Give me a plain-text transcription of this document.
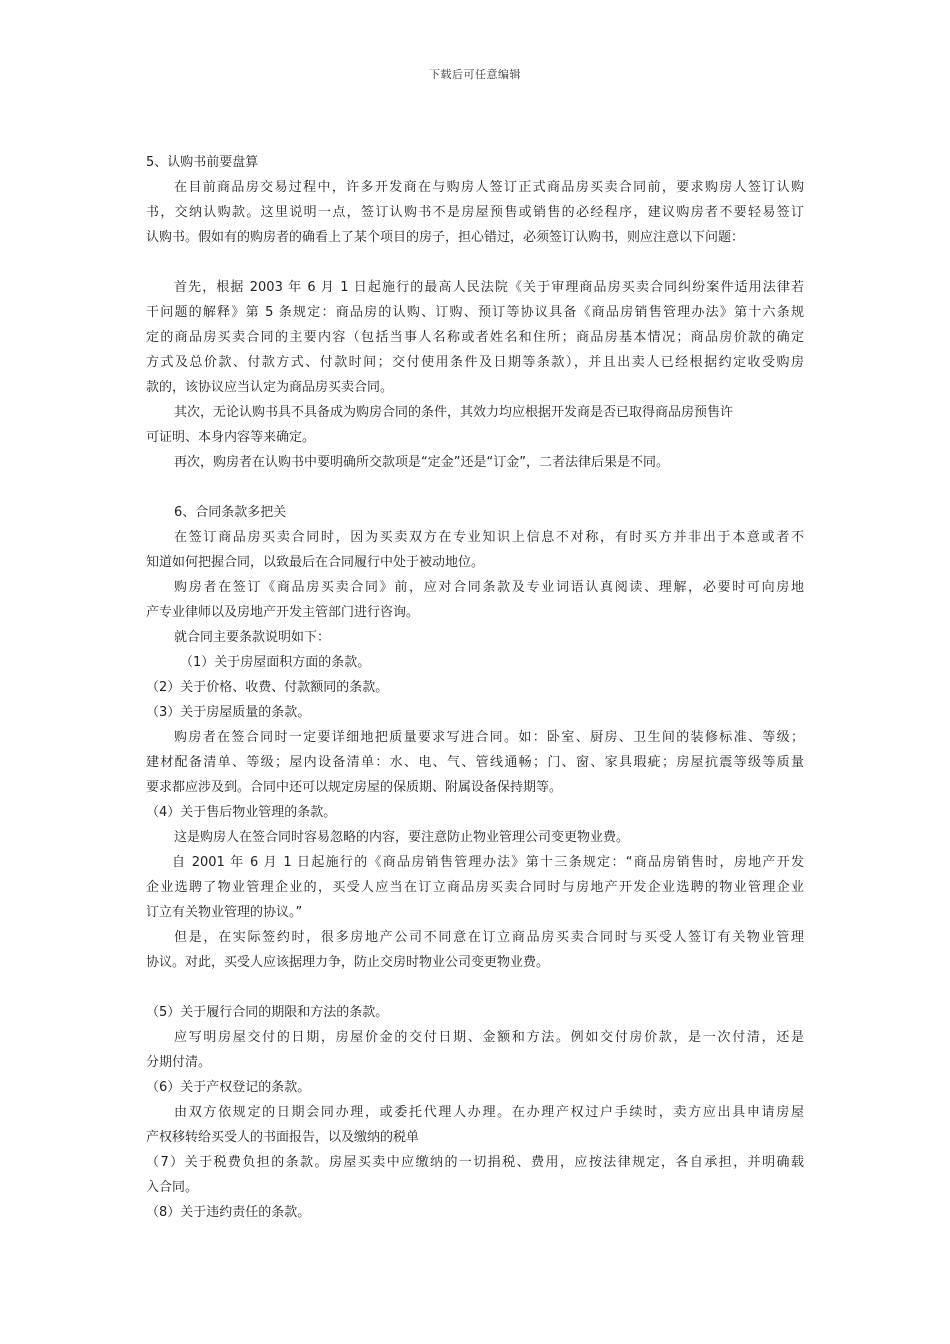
下载后可任意编辑
5、认购书前要盘算
在目前商品房交易过程中，许多开发商在与购房人签订正式商品房买卖合同前，要求购房人签订认购
书，交纳认购款。这里说明一点，签订认购书不是房屋预售或销售的必经程序，建议购房者不要轻易签订
认购书。假如有的购房者的确看上了某个项目的房子，担心错过，必须签订认购书，则应注意以下问题：
首先，根据 2003 年 6 月 1 日起施行的最高人民法院《关于审理商品房买卖合同纠纷案件适用法律若
干问题的解释》第 5 条规定：商品房的认购、订购、预订等协议具备《商品房销售管理办法》第十六条规
定的商品房买卖合同的主要内容（包括当事人名称或者姓名和住所；商品房基本情况；商品房价款的确定
方式及总价款、付款方式、付款时间；交付使用条件及日期等条款），并且出卖人已经根据约定收受购房
款的，该协议应当认定为商品房买卖合同。
其次，无论认购书具不具备成为购房合同的条件，其效力均应根据开发商是否已取得商品房预售许
可证明、本身内容等来确定。
再次，购房者在认购书中要明确所交款项是“定金”还是“订金”，二者法律后果是不同。
6、合同条款多把关
在签订商品房买卖合同时，因为买卖双方在专业知识上信息不对称，有时买方并非出于本意或者不
知道如何把握合同，以致最后在合同履行中处于被动地位。
购房者在签订《商品房买卖合同》前，应对合同条款及专业词语认真阅读、理解，必要时可向房地
产专业律师以及房地产开发主管部门进行咨询。
就合同主要条款说明如下：
（1）关于房屋面积方面的条款。
（2）关于价格、收费、付款额同的条款。
（3）关于房屋质量的条款。
购房者在签合同时一定要详细地把质量要求写进合同。如：卧室、厨房、卫生间的装修标准、等级；
建材配备清单、等级；屋内设备清单：水、电、气、管线通畅；门、窗、家具瑕疵；房屋抗震等级等质量
要求都应涉及到。合同中还可以规定房屋的保质期、附属设备保持期等。
（4）关于售后物业管理的条款。
这是购房人在签合同时容易忽略的内容，要注意防止物业管理公司变更物业费。
自 2001 年 6 月 1 日起施行的《商品房销售管理办法》第十三条规定：“商品房销售时，房地产开发
企业选聘了物业管理企业的，买受人应当在订立商品房买卖合同时与房地产开发企业选聘的物业管理企业
订立有关物业管理的协议。”
但是，在实际签约时，很多房地产公司不同意在订立商品房买卖合同时与买受人签订有关物业管理
协议。对此，买受人应该据理力争，防止交房时物业公司变更物业费。
（5）关于履行合同的期限和方法的条款。
应写明房屋交付的日期，房屋价金的交付日期、金额和方法。例如交付房价款，是一次付清，还是
分期付清。
（6）关于产权登记的条款。
由双方依规定的日期会同办理，或委托代理人办理。在办理产权过户手续时，卖方应出具申请房屋
产权移转给买受人的书面报告，以及缴纳的税单
（7）关于税费负担的条款。房屋买卖中应缴纳的一切捐税、费用，应按法律规定，各自承担，并明确载
入合同。
（8）关于违约责任的条款。
